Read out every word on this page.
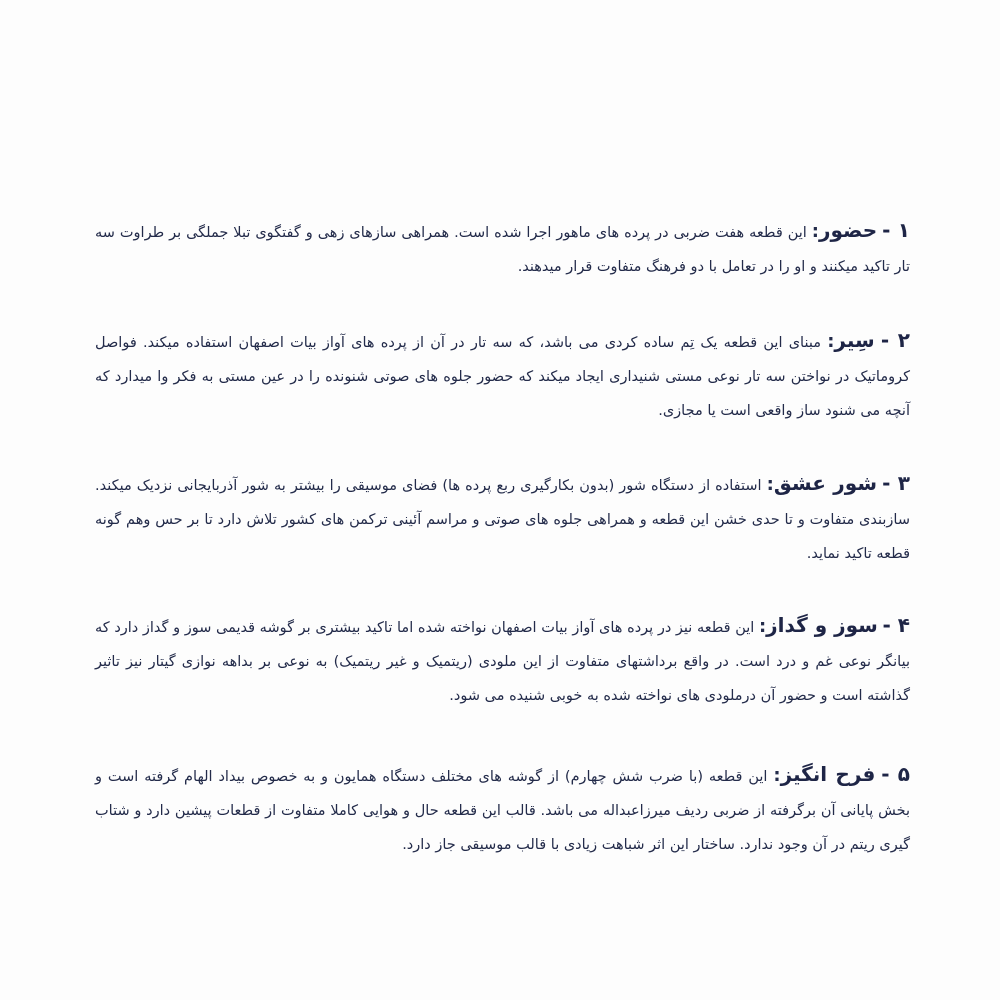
۱ - حضور: این قطعه هفت ضربی در پرده های ماهور اجرا شده است. همراهی سازهای زهی و گفتگوی تبلا جملگی بر طراوت سه تار تاکید میکنند و او را در تعامل با دو فرهنگ متفاوت قرار میدهند.
۲ - سِیر: مبنای این قطعه یک تِم ساده کردی می باشد، که سه تار در آن از پرده های آواز بیات اصفهان استفاده میکند. فواصل کروماتیک در نواختن سه تار نوعی مستی شنیداری ایجاد میکند که حضور جلوه های صوتی شنونده را در عین مستی به فکر وا میدارد که آنچه می شنود ساز واقعی است یا مجازی.
۳ - شور عشق: استفاده از دستگاه شور (بدون بکارگیری ربع پرده ها) فضای موسیقی را بیشتر به شور آذربایجانی نزدیک میکند. سازبندی متفاوت و تا حدی خشن این قطعه و همراهی جلوه های صوتی و مراسم آئینی ترکمن های کشور تلاش دارد تا بر حس وهم گونه قطعه تاکید نماید.
۴ - سوز و گداز: این قطعه نیز در پرده های آواز بیات اصفهان نواخته شده اما تاکید بیشتری بر گوشه قدیمی سوز و گداز دارد که بیانگر نوعی غم و درد است. در واقع برداشتهای متفاوت از این ملودی (ریتمیک و غیر ریتمیک) به نوعی بر بداهه نوازی گیتار نیز تاثیر گذاشته است و حضور آن درملودی های نواخته شده به خوبی شنیده می شود.
۵ - فرح انگیز: این قطعه (با ضرب شش چهارم) از گوشه های مختلف دستگاه همایون و به خصوص بیداد الهام گرفته است و بخش پایانی آن برگرفته از ضربی ردیف میرزاعبداله می باشد. قالب این قطعه حال و هوایی کاملا متفاوت از قطعات پیشین دارد و شتاب گیری ریتم در آن وجود ندارد. ساختار این اثر شباهت زیادی با قالب موسیقی جاز دارد.
